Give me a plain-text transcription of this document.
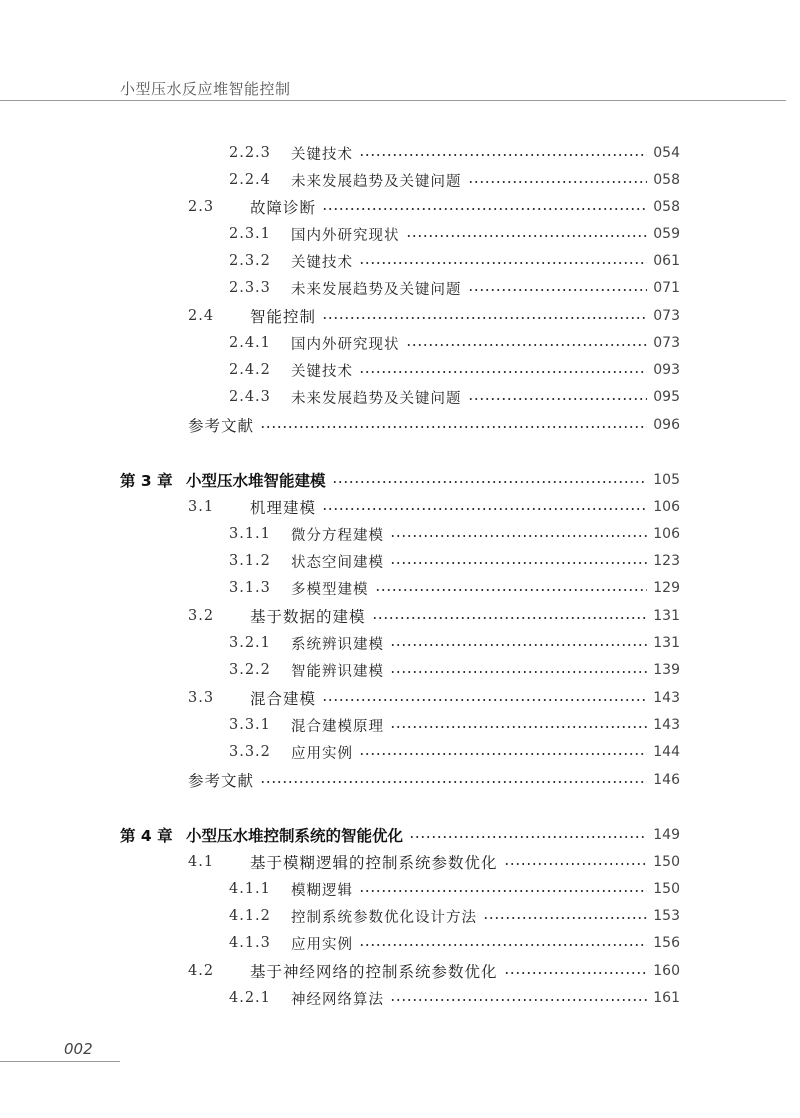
小型压水反应堆智能控制
2.2.3	关键技术	054
2.2.4	未来发展趋势及关键问题	058
2.3	故障诊断	058
2.3.1	国内外研究现状	059
2.3.2	关键技术	061
2.3.3	未来发展趋势及关键问题	071
2.4	智能控制	073
2.4.1	国内外研究现状	073
2.4.2	关键技术	093
2.4.3	未来发展趋势及关键问题	095
参考文献	096
第 3 章 小型压水堆智能建模	105
3.1	机理建模	106
3.1.1	微分方程建模	106
3.1.2	状态空间建模	123
3.1.3	多模型建模	129
3.2	基于数据的建模	131
3.2.1	系统辨识建模	131
3.2.2	智能辨识建模	139
3.3	混合建模	143
3.3.1	混合建模原理	143
3.3.2	应用实例	144
参考文献	146
第 4 章 小型压水堆控制系统的智能优化	149
4.1	基于模糊逻辑的控制系统参数优化	150
4.1.1	模糊逻辑	150
4.1.2	控制系统参数优化设计方法	153
4.1.3	应用实例	156
4.2	基于神经网络的控制系统参数优化	160
4.2.1	神经网络算法	161
002
